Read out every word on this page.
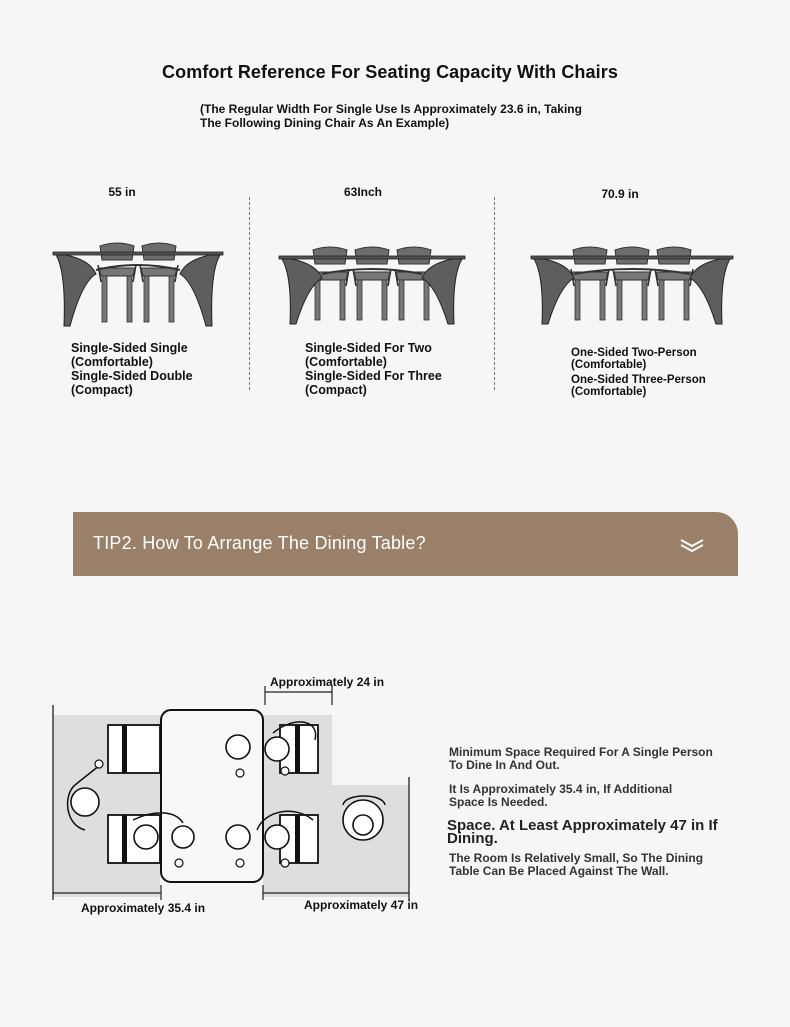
Comfort Reference For Seating Capacity With Chairs
(The Regular Width For Single Use Is Approximately 23.6 in, Taking The Following Dining Chair As An Example)
55 in	63Inch	70.9 in
Single-Sided Single
(Comfortable)
Single-Sided Double
(Compact)
Single-Sided For Two
(Comfortable)
Single-Sided For Three
(Compact)
One-Sided Two-Person
(Comfortable)
One-Sided Three-Person
(Comfortable)
TIP2. How To Arrange The Dining Table?
Approximately 24 in
Approximately 35.4 in	Approximately 47 in
Minimum Space Required For A Single Person To Dine In And Out.
It Is Approximately 35.4 in, If Additional Space Is Needed.
Space. At Least Approximately 47 in If Dining.
The Room Is Relatively Small, So The Dining Table Can Be Placed Against The Wall.
